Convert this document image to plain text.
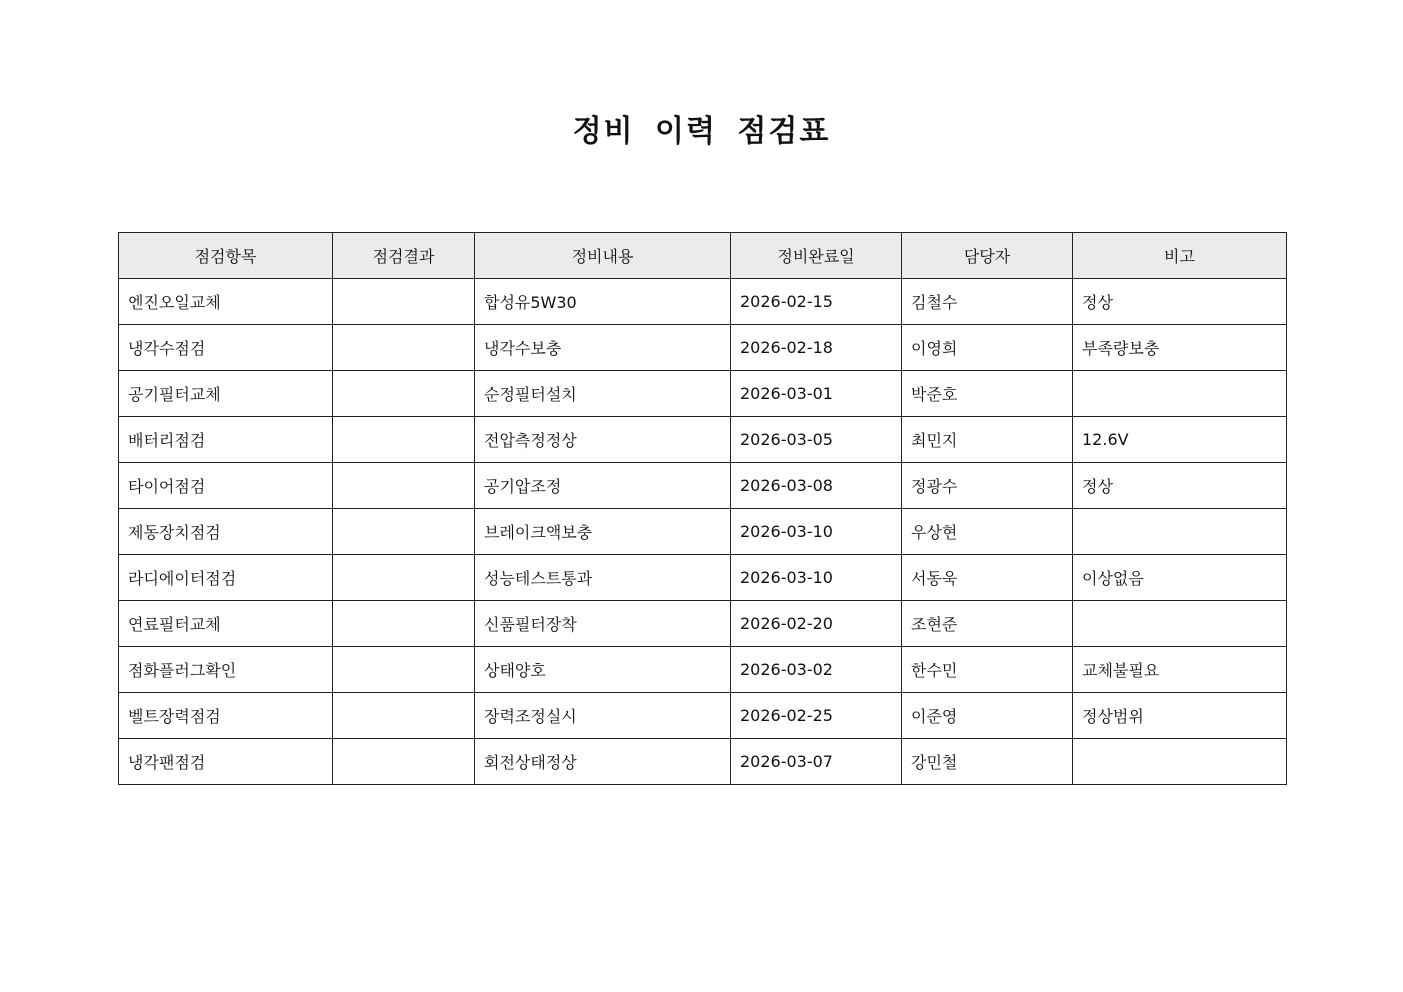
정비 이력 점검표
점검항목	점검결과	정비내용	정비완료일	담당자	비고
엔진오일교체		합성유5W30	2026-02-15	김철수	정상
냉각수점검		냉각수보충	2026-02-18	이영희	부족량보충
공기필터교체		순정필터설치	2026-03-01	박준호	
배터리점검		전압측정정상	2026-03-05	최민지	12.6V
타이어점검		공기압조정	2026-03-08	정광수	정상
제동장치점검		브레이크액보충	2026-03-10	우상현	
라디에이터점검		성능테스트통과	2026-03-10	서동욱	이상없음
연료필터교체		신품필터장착	2026-02-20	조현준	
점화플러그확인		상태양호	2026-03-02	한수민	교체불필요
벨트장력점검		장력조정실시	2026-02-25	이준영	정상범위
냉각팬점검		회전상태정상	2026-03-07	강민철	
